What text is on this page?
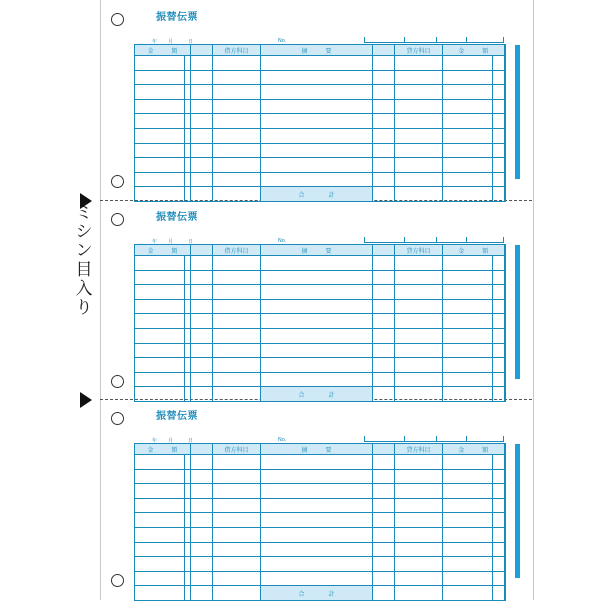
ミ
シ
ン
目
入
り
振替伝票
年 月	日	No.
金 額			借方科目	摘 要		貸方科目	金 額	

				合 計				
振替伝票
年 月	日	No.
金 額			借方科目	摘 要		貸方科目	金 額	

				合 計				
振替伝票
年 月	日	No.
金 額			借方科目	摘 要		貸方科目	金 額	

				合 計				
